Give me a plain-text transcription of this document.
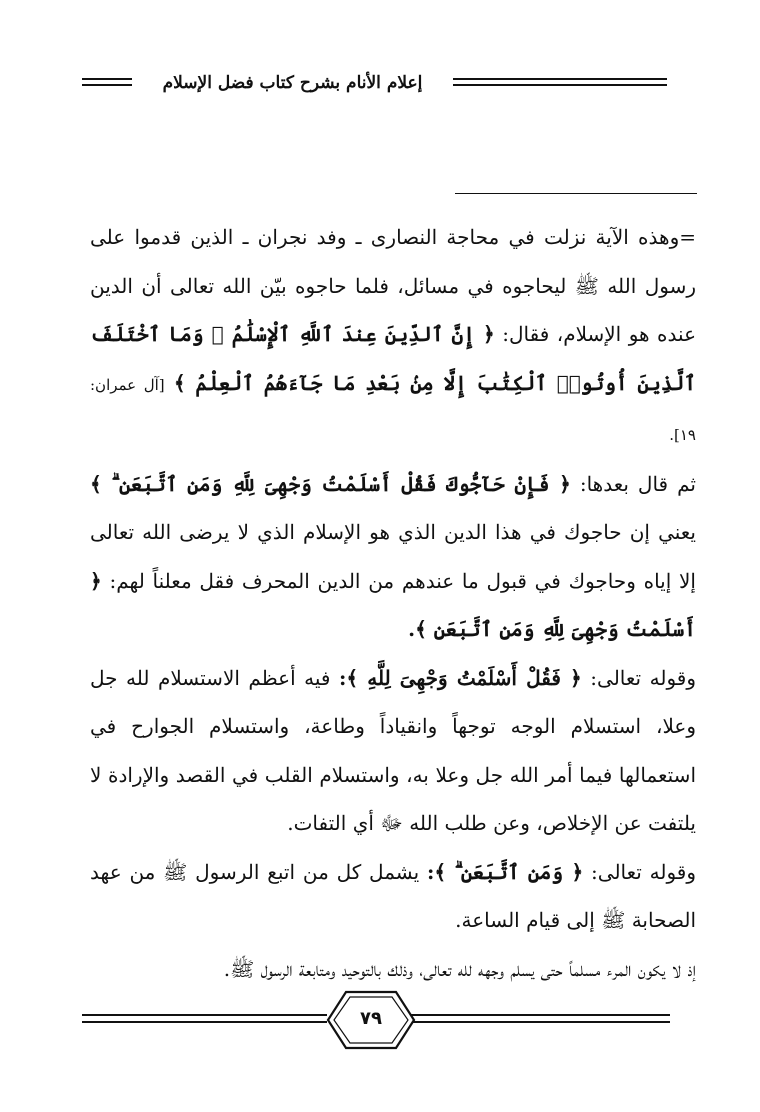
إعلام الأنام بشرح كتاب فضل الإسلام

=وهذه الآية نزلت في محاجة النصارى ـ وفد نجران ـ الذين قدموا على رسول الله ﷺ ليحاجوه في مسائل، فلما حاجوه بيّن الله تعالى أن الدين عنده هو الإسلام، فقال: ﴿ إِنَّ ٱلدِّينَ عِندَ ٱللَّهِ ٱلْإِسْلَٰمُ ۗ وَمَا ٱخْتَلَفَ ٱلَّذِينَ أُوتُوا۟ ٱلْكِتَٰبَ إِلَّا مِنۢ بَعْدِ مَا جَآءَهُمُ ٱلْعِلْمُ ﴾ [آل عمران: ١٩].

ثم قال بعدها: ﴿ فَإِنْ حَآجُّوكَ فَقُلْ أَسْلَمْتُ وَجْهِىَ لِلَّهِ وَمَنِ ٱتَّبَعَنِ ۗ ﴾ يعني إن حاجوك في هذا الدين الذي هو الإسلام الذي لا يرضى الله تعالى إلا إياه وحاجوك في قبول ما عندهم من الدين المحرف فقل معلناً لهم: ﴿ أَسْلَمْتُ وَجْهِىَ لِلَّهِ وَمَنِ ٱتَّبَعَنِ ﴾.

وقوله تعالى: ﴿ فَقُلْ أَسْلَمْتُ وَجْهِىَ لِلَّهِ ﴾: فيه أعظم الاستسلام لله جل وعلا، استسلام الوجه توجهاً وانقياداً وطاعة، واستسلام الجوارح في استعمالها فيما أمر الله جل وعلا به، واستسلام القلب في القصد والإرادة لا يلتفت عن الإخلاص، وعن طلب الله ﷻ أي التفات.

وقوله تعالى: ﴿ وَمَنِ ٱتَّبَعَنِ ۗ ﴾: يشمل كل من اتبع الرسول ﷺ من عهد الصحابة ﷺ إلى قيام الساعة.

إذ لا يكون المرء مسلماً حتى يسلم وجهه لله تعالى، وذلك بالتوحيد ومتابعة الرسول ﷺ.

٧٩
